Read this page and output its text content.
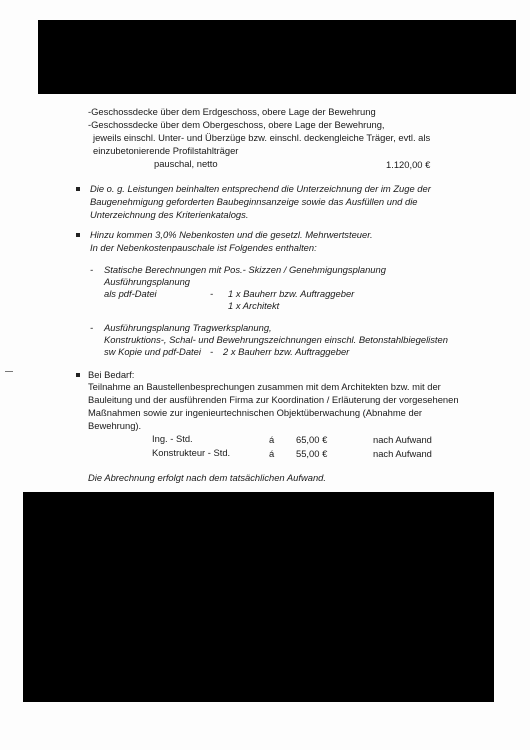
-Geschossdecke über dem Erdgeschoss, obere Lage der Bewehrung
-Geschossdecke über dem Obergeschoss, obere Lage der Bewehrung,
jeweils einschl. Unter- und Überzüge bzw. einschl. deckengleiche Träger, evtl. als
einzubetonierende Profilstahlträger
pauschal, netto	1.120,00 €
Die o. g. Leistungen beinhalten entsprechend die Unterzeichnung der im Zuge der
Baugenehmigung geforderten Baubeginnsanzeige sowie das Ausfüllen und die
Unterzeichnung des Kriterienkatalogs.
Hinzu kommen 3,0% Nebenkosten und die gesetzl. Mehrwertsteuer.
In der Nebenkostenpauschale ist Folgendes enthalten:
- Statische Berechnungen mit Pos.- Skizzen / Genehmigungsplanung
Ausführungsplanung
als pdf-Datei	- 1 x Bauherr bzw. Auftraggeber
1 x Architekt
- Ausführungsplanung Tragwerksplanung,
Konstruktions-, Schal- und Bewehrungszeichnungen einschl. Betonstahlbiegelisten
sw Kopie und pdf-Datei - 2 x Bauherr bzw. Auftraggeber
Bei Bedarf:
Teilnahme an Baustellenbesprechungen zusammen mit dem Architekten bzw. mit der
Bauleitung und der ausführenden Firma zur Koordination / Erläuterung der vorgesehenen
Maßnahmen sowie zur ingenieurtechnischen Objektüberwachung (Abnahme der
Bewehrung).
Ing. - Std.	á 65,00 €	nach Aufwand
Konstrukteur - Std.	á 55,00 €	nach Aufwand
Die Abrechnung erfolgt nach dem tatsächlichen Aufwand.
